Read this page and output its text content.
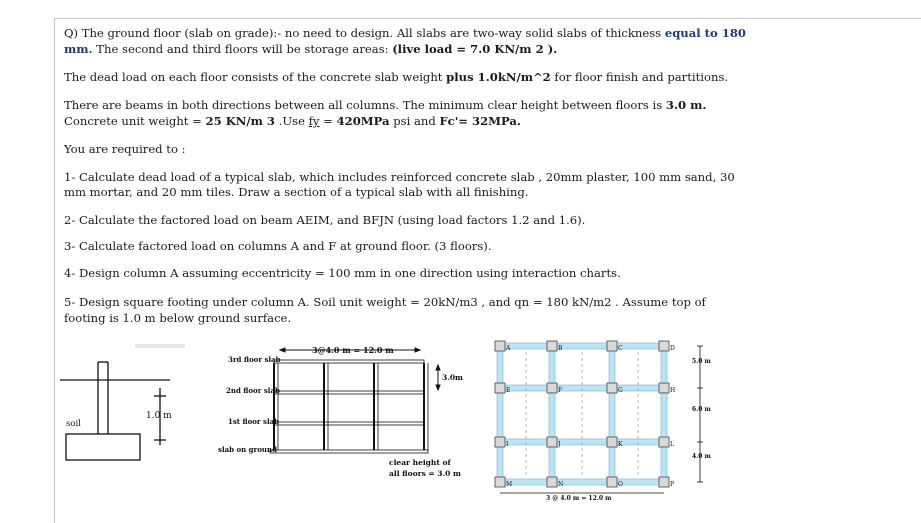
Q) The ground floor (slab on grade):- no need to design. All slabs are two-way solid slabs of thickness equal to 180
mm. The second and third floors will be storage areas: (live load = 7.0 KN/m 2 ).
The dead load on each floor consists of the concrete slab weight plus 1.0kN/m^2 for floor finish and partitions.
There are beams in both directions between all columns. The minimum clear height between floors is 3.0 m.
Concrete unit weight = 25 KN/m 3 .Use fy = 420MPa psi and Fc'= 32MPa.
You are required to :
1- Calculate dead load of a typical slab, which includes reinforced concrete slab , 20mm plaster, 100 mm sand, 30
mm mortar, and 20 mm tiles. Draw a section of a typical slab with all finishing.
2- Calculate the factored load on beam AEIM, and BFJN (using load factors 1.2 and 1.6).
3- Calculate factored load on columns A and F at ground floor. (3 floors).
4- Design column A assuming eccentricity = 100 mm in one direction using interaction charts.
5- Design square footing under column A. Soil unit weight = 20kN/m3 , and qn = 180 kN/m2 . Assume top of
footing is 1.0 m below ground surface.
soil
1.0 m
3@4.0 m = 12.0 m
3rd floor slab
2nd floor slab
1st floor slab
slab on ground
3.0m
clear height of
all floors = 3.0 m
A	B	C	D
E	F	G	H
I	J	K	L
M	N	O	P
5.0 m
6.0 m
4.0 m
3 @ 4.0 m = 12.0 m
